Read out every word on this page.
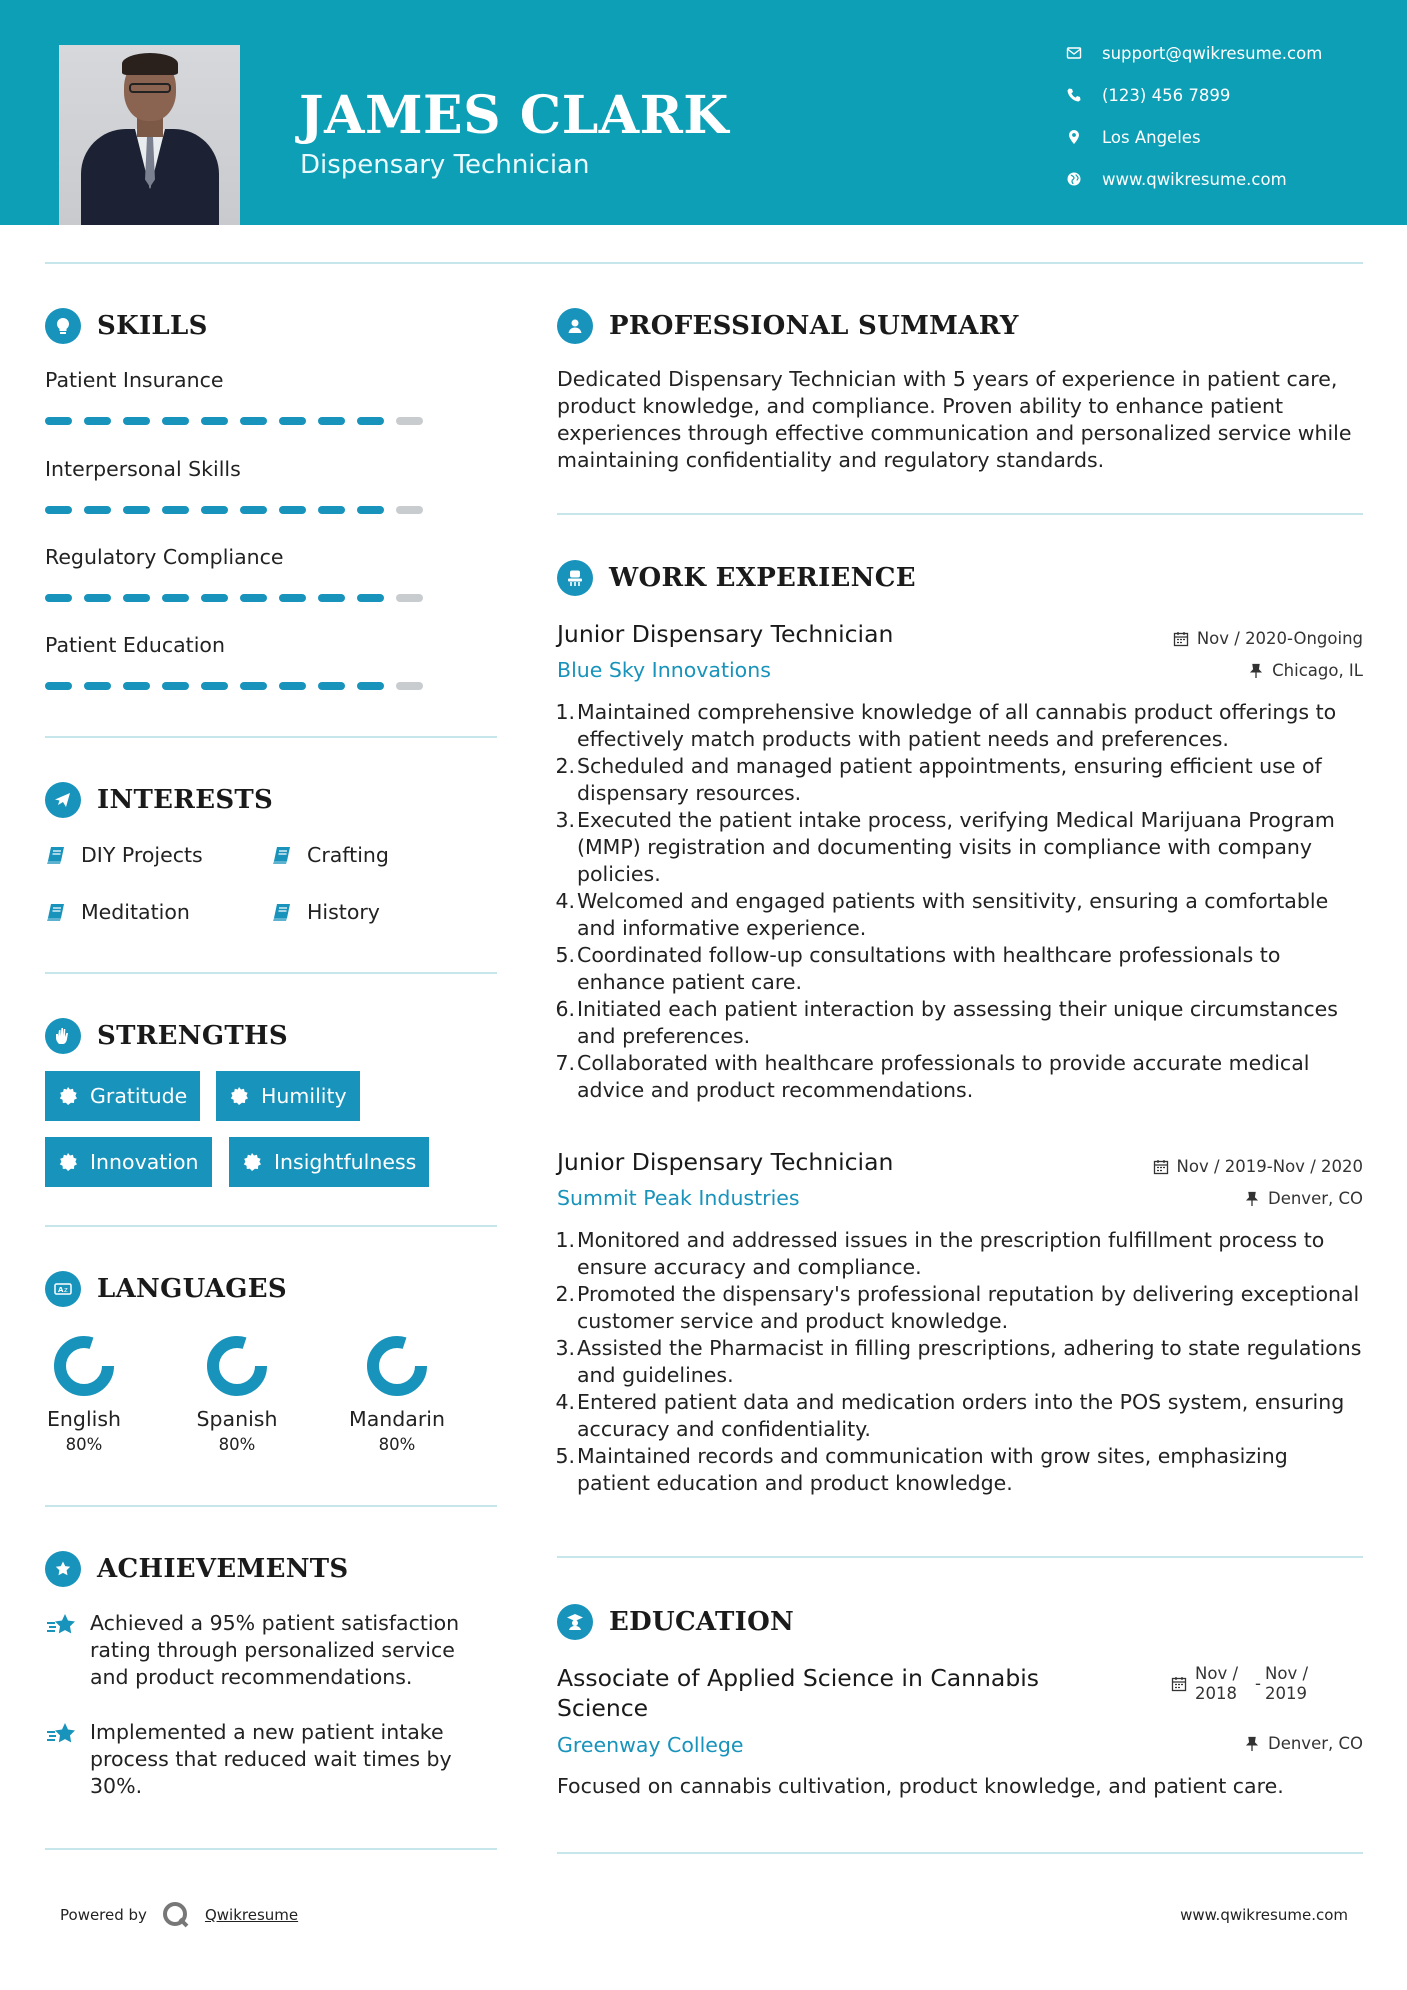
JAMES CLARK
Dispensary Technician
support@qwikresume.com
(123) 456 7899
Los Angeles
www.qwikresume.com
SKILLS
Patient Insurance
Interpersonal Skills
Regulatory Compliance
Patient Education
INTERESTS
DIY Projects	Crafting
Meditation	History
STRENGTHS
Gratitude	Humility
Innovation	Insightfulness
A z LANGUAGES
English
80%
Spanish
80%
Mandarin
80%
ACHIEVEMENTS
Achieved a 95% patient satisfaction rating through personalized service and product recommendations.
Implemented a new patient intake process that reduced wait times by 30%.
PROFESSIONAL SUMMARY
Dedicated Dispensary Technician with 5 years of experience in patient care, product knowledge, and compliance. Proven ability to enhance patient experiences through effective communication and personalized service while maintaining confidentiality and regulatory standards.
WORK EXPERIENCE
Junior Dispensary Technician	Nov / 2020-Ongoing
Blue Sky Innovations	Chicago, IL
1. Maintained comprehensive knowledge of all cannabis product offerings to effectively match products with patient needs and preferences.
2. Scheduled and managed patient appointments, ensuring efficient use of dispensary resources.
3. Executed the patient intake process, verifying Medical Marijuana Program (MMP) registration and documenting visits in compliance with company policies.
4. Welcomed and engaged patients with sensitivity, ensuring a comfortable and informative experience.
5. Coordinated follow-up consultations with healthcare professionals to enhance patient care.
6. Initiated each patient interaction by assessing their unique circumstances and preferences.
7. Collaborated with healthcare professionals to provide accurate medical advice and product recommendations.
Junior Dispensary Technician	Nov / 2019-Nov / 2020
Summit Peak Industries	Denver, CO
1. Monitored and addressed issues in the prescription fulfillment process to ensure accuracy and compliance.
2. Promoted the dispensary's professional reputation by delivering exceptional customer service and product knowledge.
3. Assisted the Pharmacist in filling prescriptions, adhering to state regulations and guidelines.
4. Entered patient data and medication orders into the POS system, ensuring accuracy and confidentiality.
5. Maintained records and communication with grow sites, emphasizing patient education and product knowledge.
EDUCATION
Associate of Applied Science in Cannabis Science
Nov / 2018
-
Nov / 2019
Greenway College	Denver, CO
Focused on cannabis cultivation, product knowledge, and patient care.
Powered by	Qwikresume	www.qwikresume.com
